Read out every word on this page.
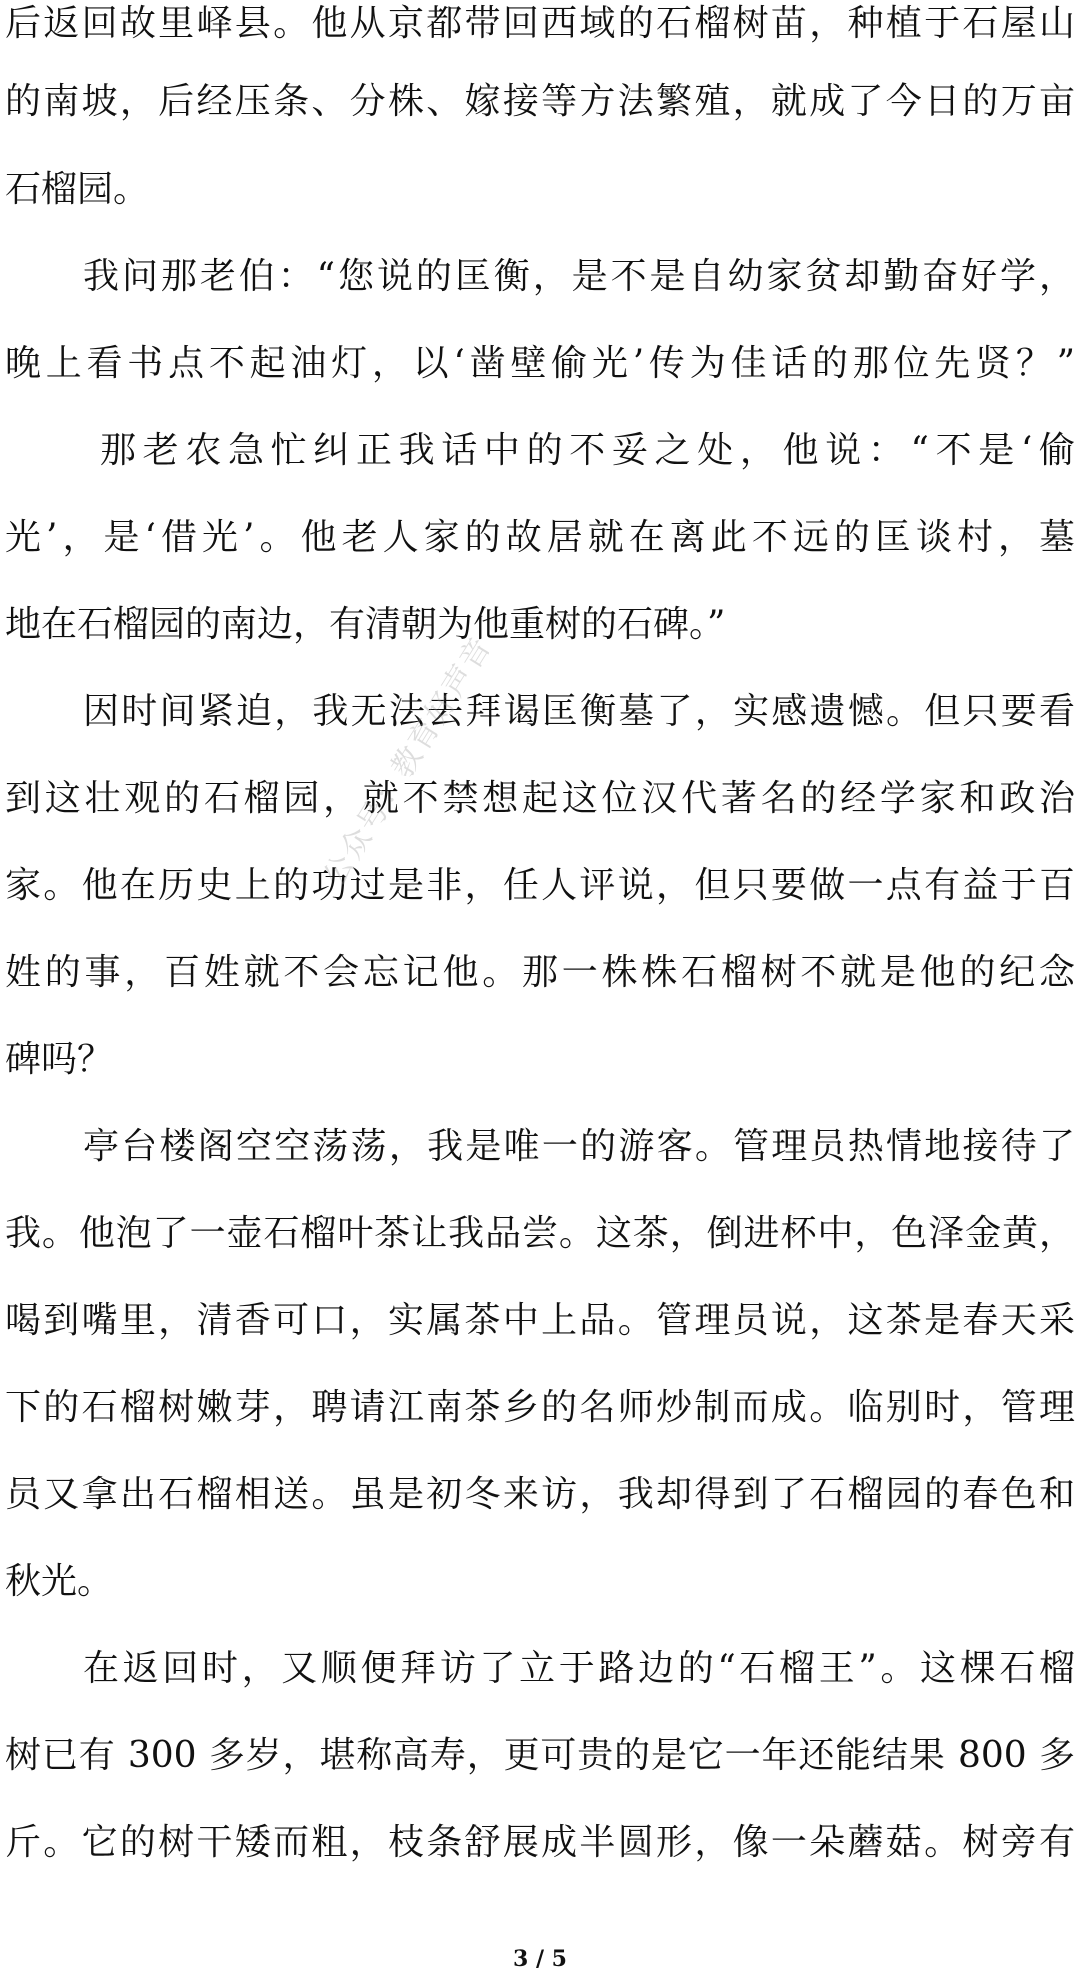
后返回故里峄县。他从京都带回西域的石榴树苗，种植于石屋山
的南坡，后经压条、分株、嫁接等方法繁殖，就成了今日的万亩
石榴园。
我问那老伯：“您说的匡衡，是不是自幼家贫却勤奋好学，
晚上看书点不起油灯，以‘凿壁偷光’传为佳话的那位先贤？”
那老农急忙纠正我话中的不妥之处，他说：“不是‘偷
光’，是‘借光’。他老人家的故居就在离此不远的匡谈村，墓
地在石榴园的南边，有清朝为他重树的石碑。”
因时间紧迫，我无法去拜谒匡衡墓了，实感遗憾。但只要看
到这壮观的石榴园，就不禁想起这位汉代著名的经学家和政治
家。他在历史上的功过是非，任人评说，但只要做一点有益于百
姓的事，百姓就不会忘记他。那一株株石榴树不就是他的纪念
碑吗？
亭台楼阁空空荡荡，我是唯一的游客。管理员热情地接待了
我。他泡了一壶石榴叶茶让我品尝。这茶，倒进杯中，色泽金黄，
喝到嘴里，清香可口，实属茶中上品。管理员说，这茶是春天采
下的石榴树嫩芽，聘请江南茶乡的名师炒制而成。临别时，管理
员又拿出石榴相送。虽是初冬来访，我却得到了石榴园的春色和
秋光。
在返回时，又顺便拜访了立于路边的“石榴王”。这棵石榴
树已有 300 多岁，堪称高寿，更可贵的是它一年还能结果 800 多
斤。它的树干矮而粗，枝条舒展成半圆形，像一朵蘑菇。树旁有
公众号：教育好声音
3 / 5
